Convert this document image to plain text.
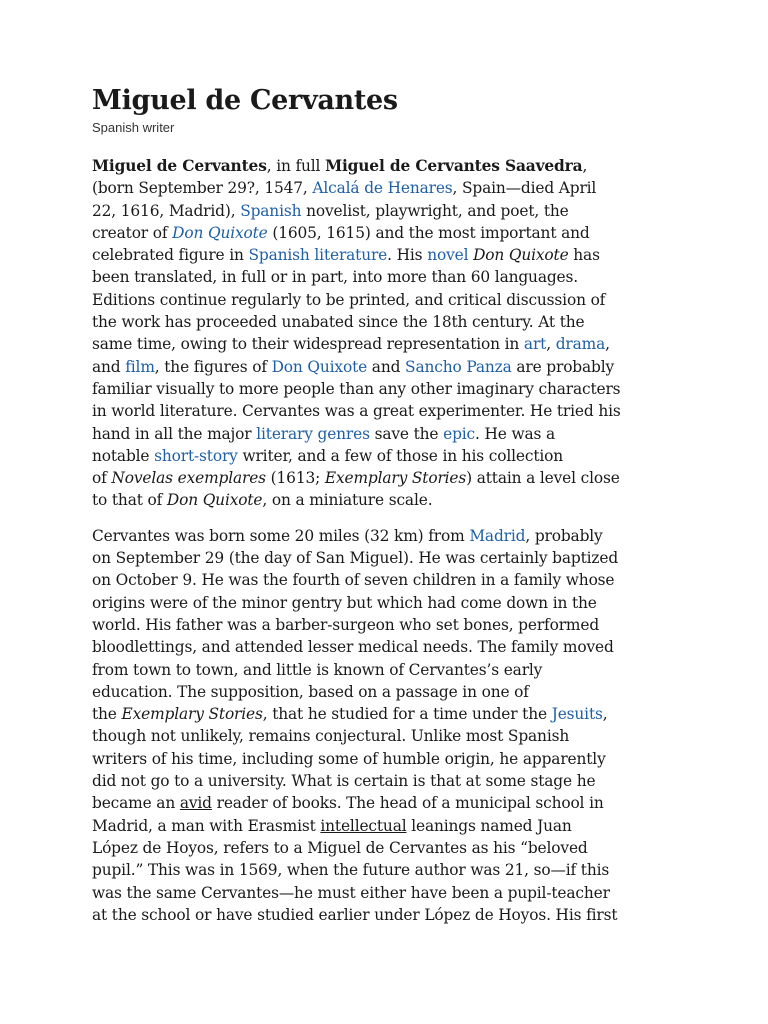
Miguel de Cervantes
Spanish writer
Miguel de Cervantes, in full Miguel de Cervantes Saavedra,
(born September 29?, 1547, Alcalá de Henares, Spain—died April
22, 1616, Madrid), Spanish novelist, playwright, and poet, the
creator of Don Quixote (1605, 1615) and the most important and
celebrated figure in Spanish literature. His novel Don Quixote has
been translated, in full or in part, into more than 60 languages.
Editions continue regularly to be printed, and critical discussion of
the work has proceeded unabated since the 18th century. At the
same time, owing to their widespread representation in art, drama,
and film, the figures of Don Quixote and Sancho Panza are probably
familiar visually to more people than any other imaginary characters
in world literature. Cervantes was a great experimenter. He tried his
hand in all the major literary genres save the epic. He was a
notable short-story writer, and a few of those in his collection
of Novelas exemplares (1613; Exemplary Stories) attain a level close
to that of Don Quixote, on a miniature scale.
Cervantes was born some 20 miles (32 km) from Madrid, probably
on September 29 (the day of San Miguel). He was certainly baptized
on October 9. He was the fourth of seven children in a family whose
origins were of the minor gentry but which had come down in the
world. His father was a barber-surgeon who set bones, performed
bloodlettings, and attended lesser medical needs. The family moved
from town to town, and little is known of Cervantes’s early
education. The supposition, based on a passage in one of
the Exemplary Stories, that he studied for a time under the Jesuits,
though not unlikely, remains conjectural. Unlike most Spanish
writers of his time, including some of humble origin, he apparently
did not go to a university. What is certain is that at some stage he
became an avid reader of books. The head of a municipal school in
Madrid, a man with Erasmist intellectual leanings named Juan
López de Hoyos, refers to a Miguel de Cervantes as his “beloved
pupil.” This was in 1569, when the future author was 21, so—if this
was the same Cervantes—he must either have been a pupil-teacher
at the school or have studied earlier under López de Hoyos. His first
